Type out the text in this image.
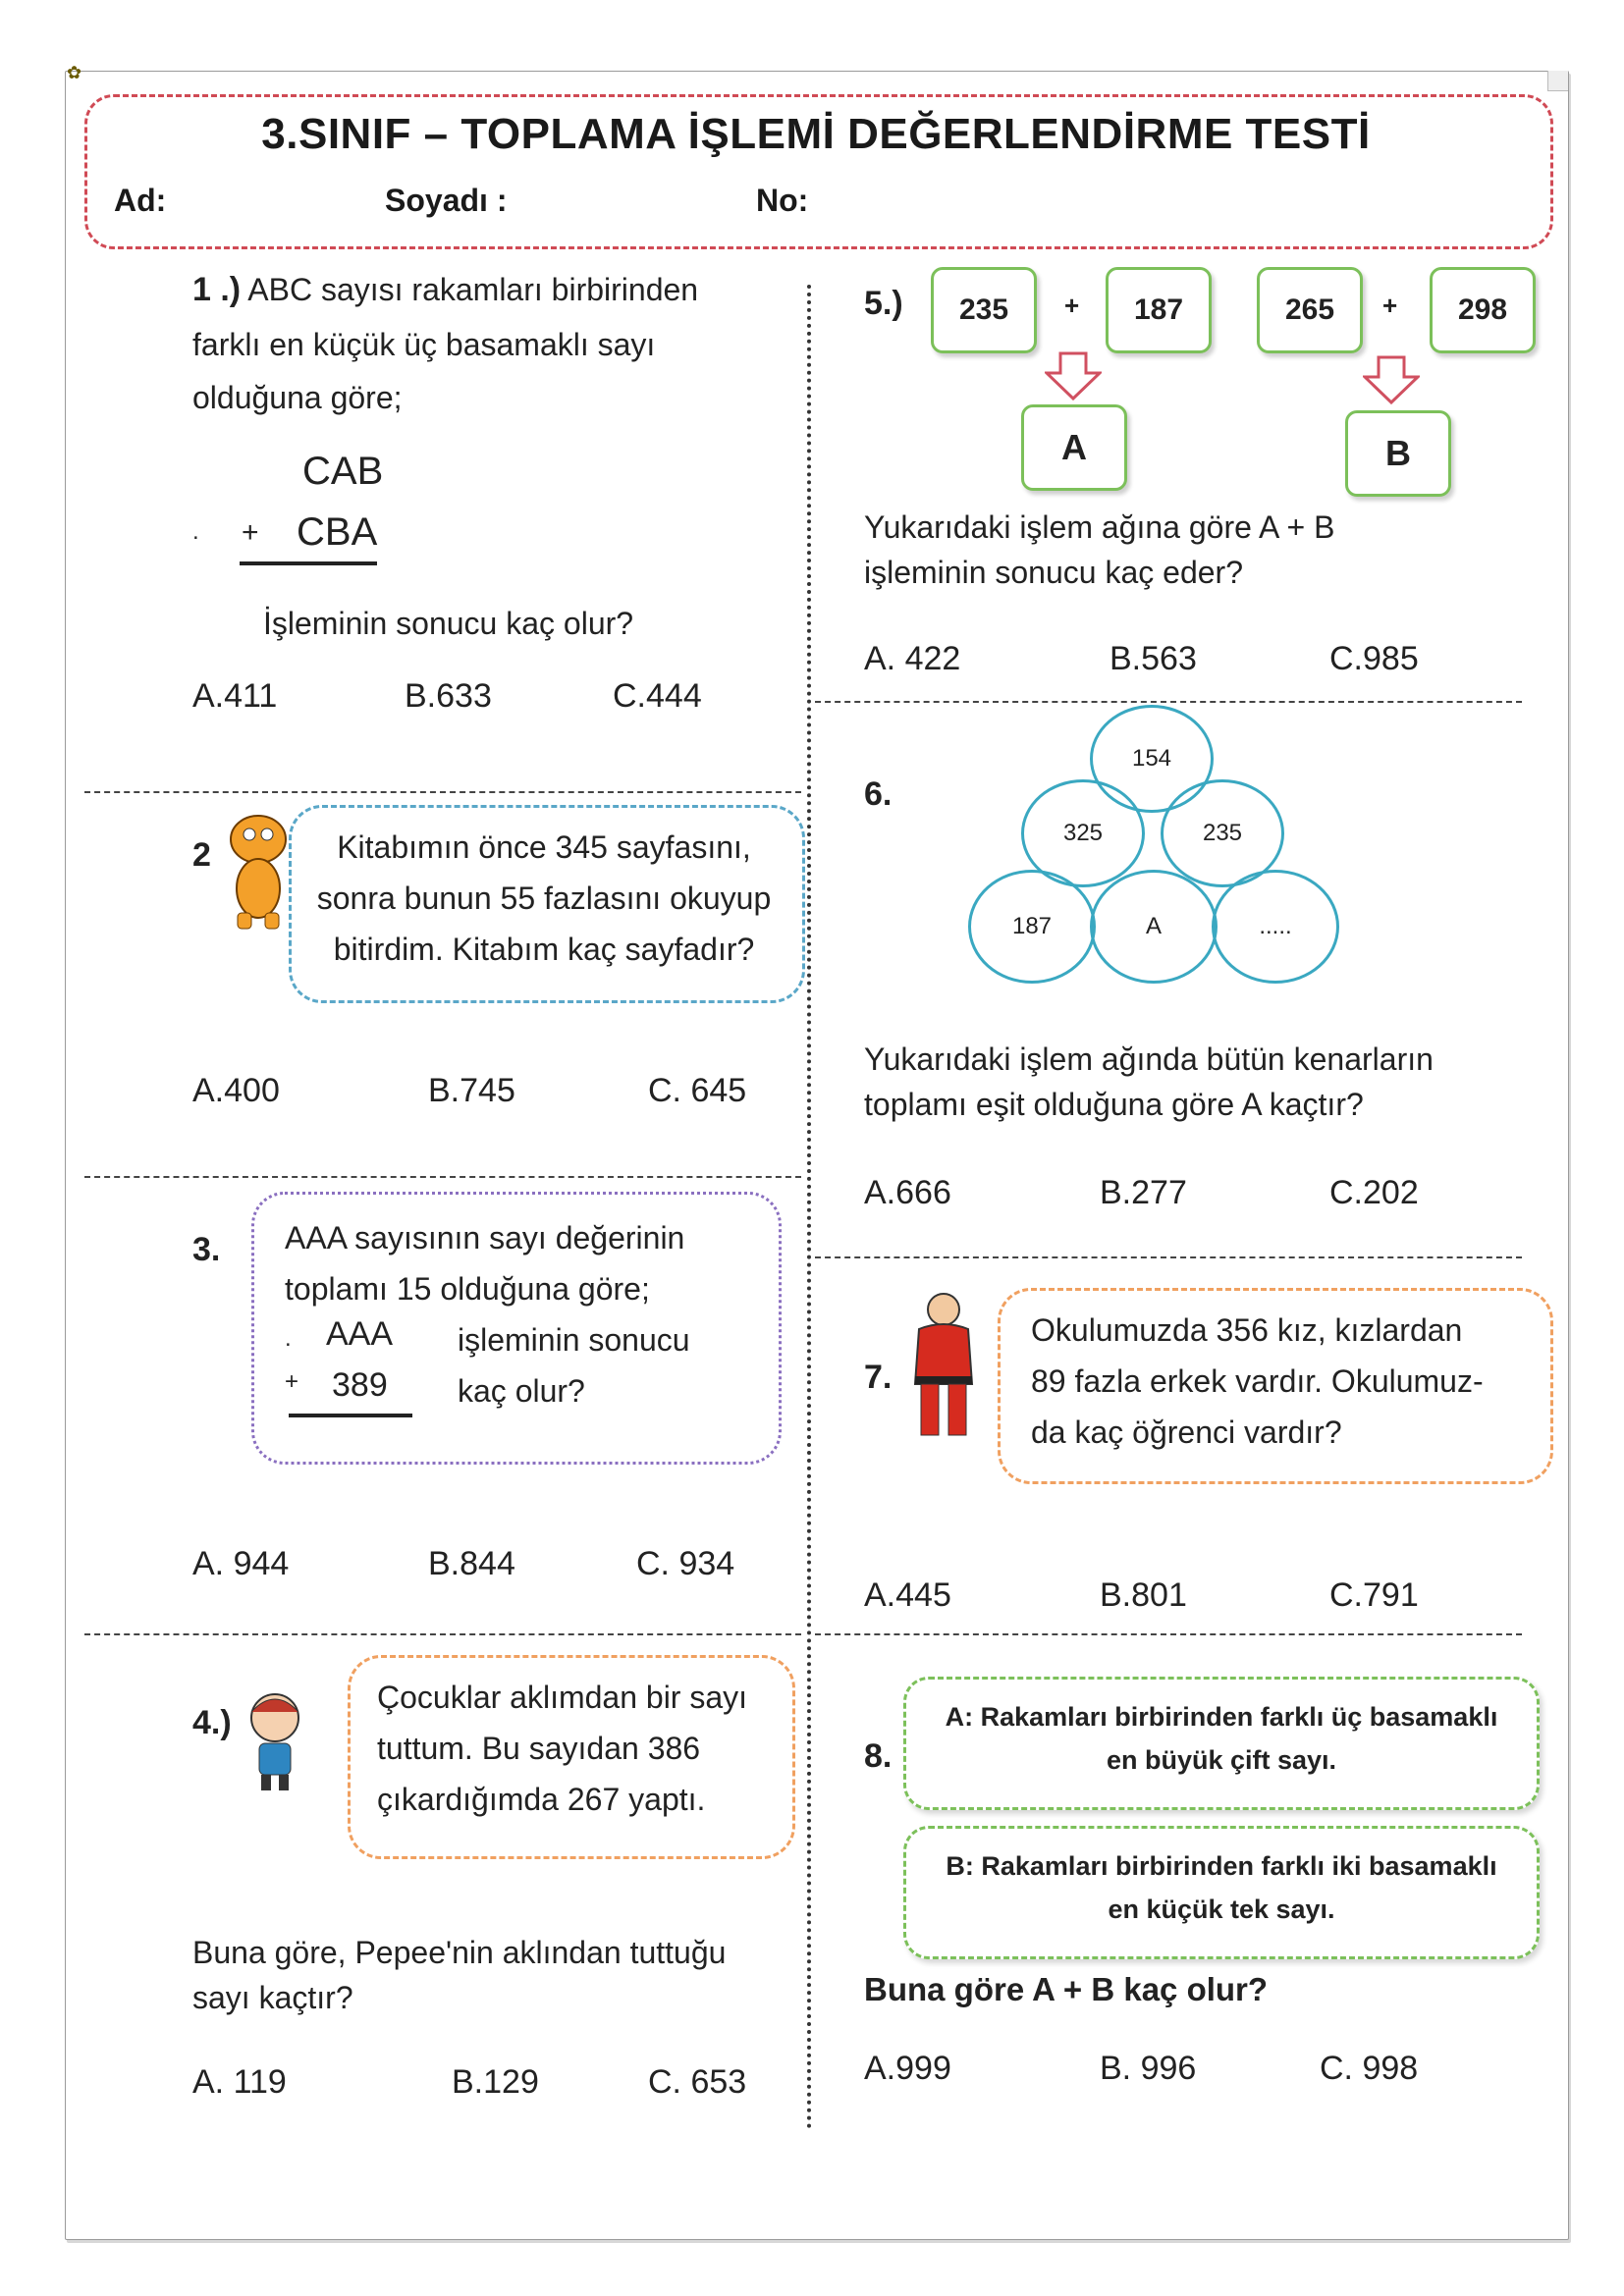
✿
3.SINIF – TOPLAMA İŞLEMİ DEĞERLENDİRME TESTİ
Ad:	Soyadı :	No:
1 .) ABC sayısı rakamları birbirinden
farklı en küçük üç basamaklı sayı
olduğuna göre;
CAB
. + CBA
İşleminin sonucu kaç olur?
A.411	B.633	C.444
2	Kitabımın önce 345 sayfasını,
sonra bunun 55 fazlasını okuyup
bitirdim. Kitabım kaç sayfadır?
A.400	B.745	C. 645
3. AAA sayısının sayı değerinin
toplamı 15 olduğuna göre;
. AAA
+ 389
işleminin sonucu
kaç olur?
A. 944	B.844	C. 934
4.)
Çocuklar aklımdan bir sayı
tuttum. Bu sayıdan 386
çıkardığımda 267 yaptı.
Buna göre, Pepee'nin aklından tuttuğu
sayı kaçtır?
A. 119	B.129	C. 653
5.)	235	+	187	265	+	298
A	B
Yukarıdaki işlem ağına göre A + B
işleminin sonucu kaç eder?
A. 422	B.563	C.985
6.
154
325	235
187	A	.....
Yukarıdaki işlem ağında bütün kenarların
toplamı eşit olduğuna göre A kaçtır?
A.666	B.277	C.202
7.
Okulumuzda 356 kız, kızlardan
89 fazla erkek vardır. Okulumuz-
da kaç öğrenci vardır?
A.445	B.801	C.791
8.
A: Rakamları birbirinden farklı üç basamaklı
en büyük çift sayı.
B: Rakamları birbirinden farklı iki basamaklı
en küçük tek sayı.
Buna göre A + B kaç olur?
A.999	B. 996	C. 998
